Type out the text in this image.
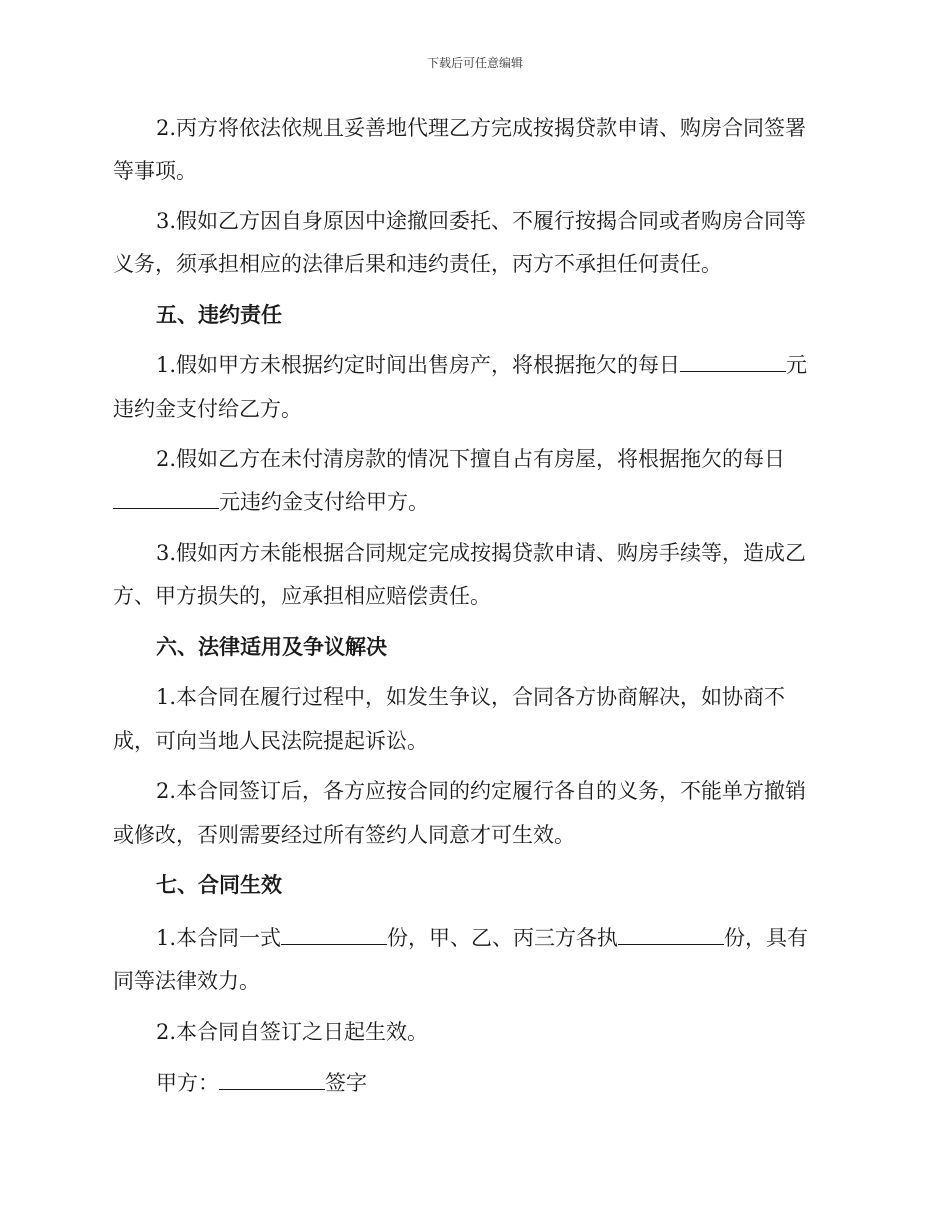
下载后可任意编辑
2.丙方将依法依规且妥善地代理乙方完成按揭贷款申请、购房合同签署
等事项。
3.假如乙方因自身原因中途撤回委托、不履行按揭合同或者购房合同等
义务，须承担相应的法律后果和违约责任，丙方不承担任何责任。
五、违约责任
1.假如甲方未根据约定时间出售房产，将根据拖欠的每日	元
违约金支付给乙方。
2.假如乙方在未付清房款的情况下擅自占有房屋，将根据拖欠的每日
元违约金支付给甲方。
3.假如丙方未能根据合同规定完成按揭贷款申请、购房手续等，造成乙
方、甲方损失的，应承担相应赔偿责任。
六、法律适用及争议解决
1.本合同在履行过程中，如发生争议，合同各方协商解决，如协商不
成，可向当地人民法院提起诉讼。
2.本合同签订后，各方应按合同的约定履行各自的义务，不能单方撤销
或修改，否则需要经过所有签约人同意才可生效。
七、合同生效
1.本合同一式	份，甲、乙、丙三方各执	份，具有
同等法律效力。
2.本合同自签订之日起生效。
甲方：	签字
